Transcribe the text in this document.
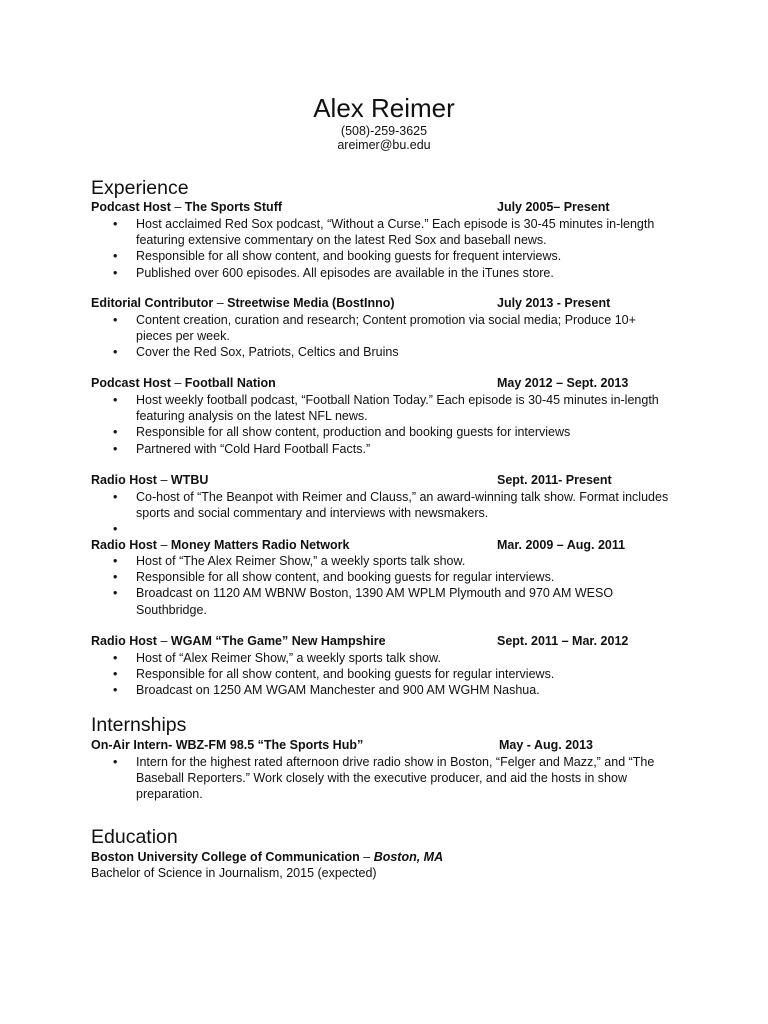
Alex Reimer
(508)-259-3625
areimer@bu.edu
Experience
Podcast Host – The Sports Stuff	July 2005– Present
• Host acclaimed Red Sox podcast, “Without a Curse.” Each episode is 30-45 minutes in-length featuring extensive commentary on the latest Red Sox and baseball news.
• Responsible for all show content, and booking guests for frequent interviews.
• Published over 600 episodes. All episodes are available in the iTunes store.
Editorial Contributor – Streetwise Media (BostInno)	July 2013 - Present
• Content creation, curation and research; Content promotion via social media; Produce 10+ pieces per week.
• Cover the Red Sox, Patriots, Celtics and Bruins
Podcast Host – Football Nation	May 2012 – Sept. 2013
• Host weekly football podcast, “Football Nation Today.” Each episode is 30-45 minutes in-length featuring analysis on the latest NFL news.
• Responsible for all show content, production and booking guests for interviews
• Partnered with “Cold Hard Football Facts.”
Radio Host – WTBU	Sept. 2011- Present
• Co-host of “The Beanpot with Reimer and Clauss,” an award-winning talk show. Format includes sports and social commentary and interviews with newsmakers.
•
Radio Host – Money Matters Radio Network	Mar. 2009 – Aug. 2011
• Host of “The Alex Reimer Show,” a weekly sports talk show.
• Responsible for all show content, and booking guests for regular interviews.
• Broadcast on 1120 AM WBNW Boston, 1390 AM WPLM Plymouth and 970 AM WESO Southbridge.
Radio Host – WGAM “The Game” New Hampshire	Sept. 2011 – Mar. 2012
• Host of “Alex Reimer Show,” a weekly sports talk show.
• Responsible for all show content, and booking guests for regular interviews.
• Broadcast on 1250 AM WGAM Manchester and 900 AM WGHM Nashua.
Internships
On-Air Intern- WBZ-FM 98.5 “The Sports Hub”	May - Aug. 2013
• Intern for the highest rated afternoon drive radio show in Boston, “Felger and Mazz,” and “The Baseball Reporters.” Work closely with the executive producer, and aid the hosts in show preparation.
Education
Boston University College of Communication – Boston, MA
Bachelor of Science in Journalism, 2015 (expected)
